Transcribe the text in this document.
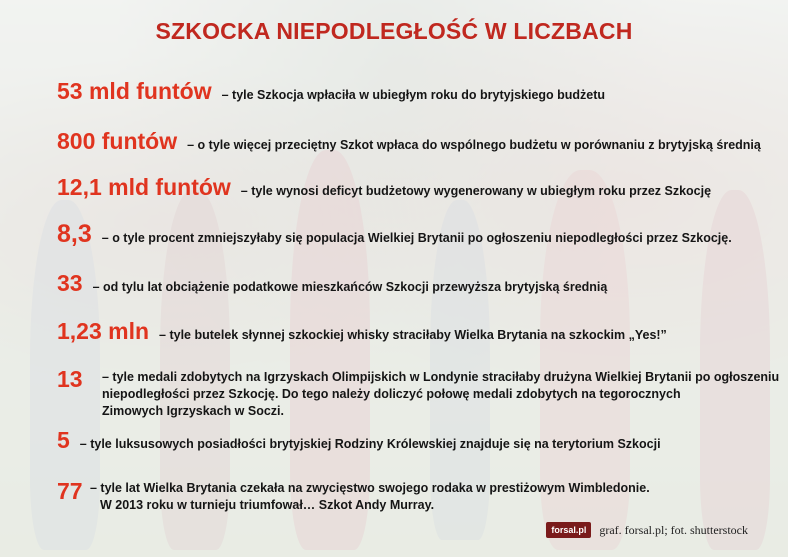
SZKOCKA NIEPODLEGŁOŚĆ W LICZBACH
53 mld funtów – tyle Szkocja wpłaciła w ubiegłym roku do brytyjskiego budżetu
800 funtów – o tyle więcej przeciętny Szkot wpłaca do wspólnego budżetu w porównaniu z brytyjską średnią
12,1 mld funtów – tyle wynosi deficyt budżetowy wygenerowany w ubiegłym roku przez Szkocję
8,3 – o tyle procent zmniejszyłaby się populacja Wielkiej Brytanii po ogłoszeniu niepodległości przez Szkocję.
33 – od tylu lat obciążenie podatkowe mieszkańców Szkocji przewyższa brytyjską średnią
1,23 mln – tyle butelek słynnej szkockiej whisky straciłaby Wielka Brytania na szkockim „Yes!”
13 – tyle medali zdobytych na Igrzyskach Olimpijskich w Londynie straciłaby drużyna Wielkiej Brytanii po ogłoszeniu
niepodległości przez Szkocję. Do tego należy doliczyć połowę medali zdobytych na tegorocznych
Zimowych Igrzyskach w Soczi.
5 – tyle luksusowych posiadłości brytyjskiej Rodziny Królewskiej znajduje się na terytorium Szkocji
77 – tyle lat Wielka Brytania czekała na zwycięstwo swojego rodaka w prestiżowym Wimbledonie.
W 2013 roku w turnieju triumfował… Szkot Andy Murray.
forsal.pl	graf. forsal.pl; fot. shutterstock
